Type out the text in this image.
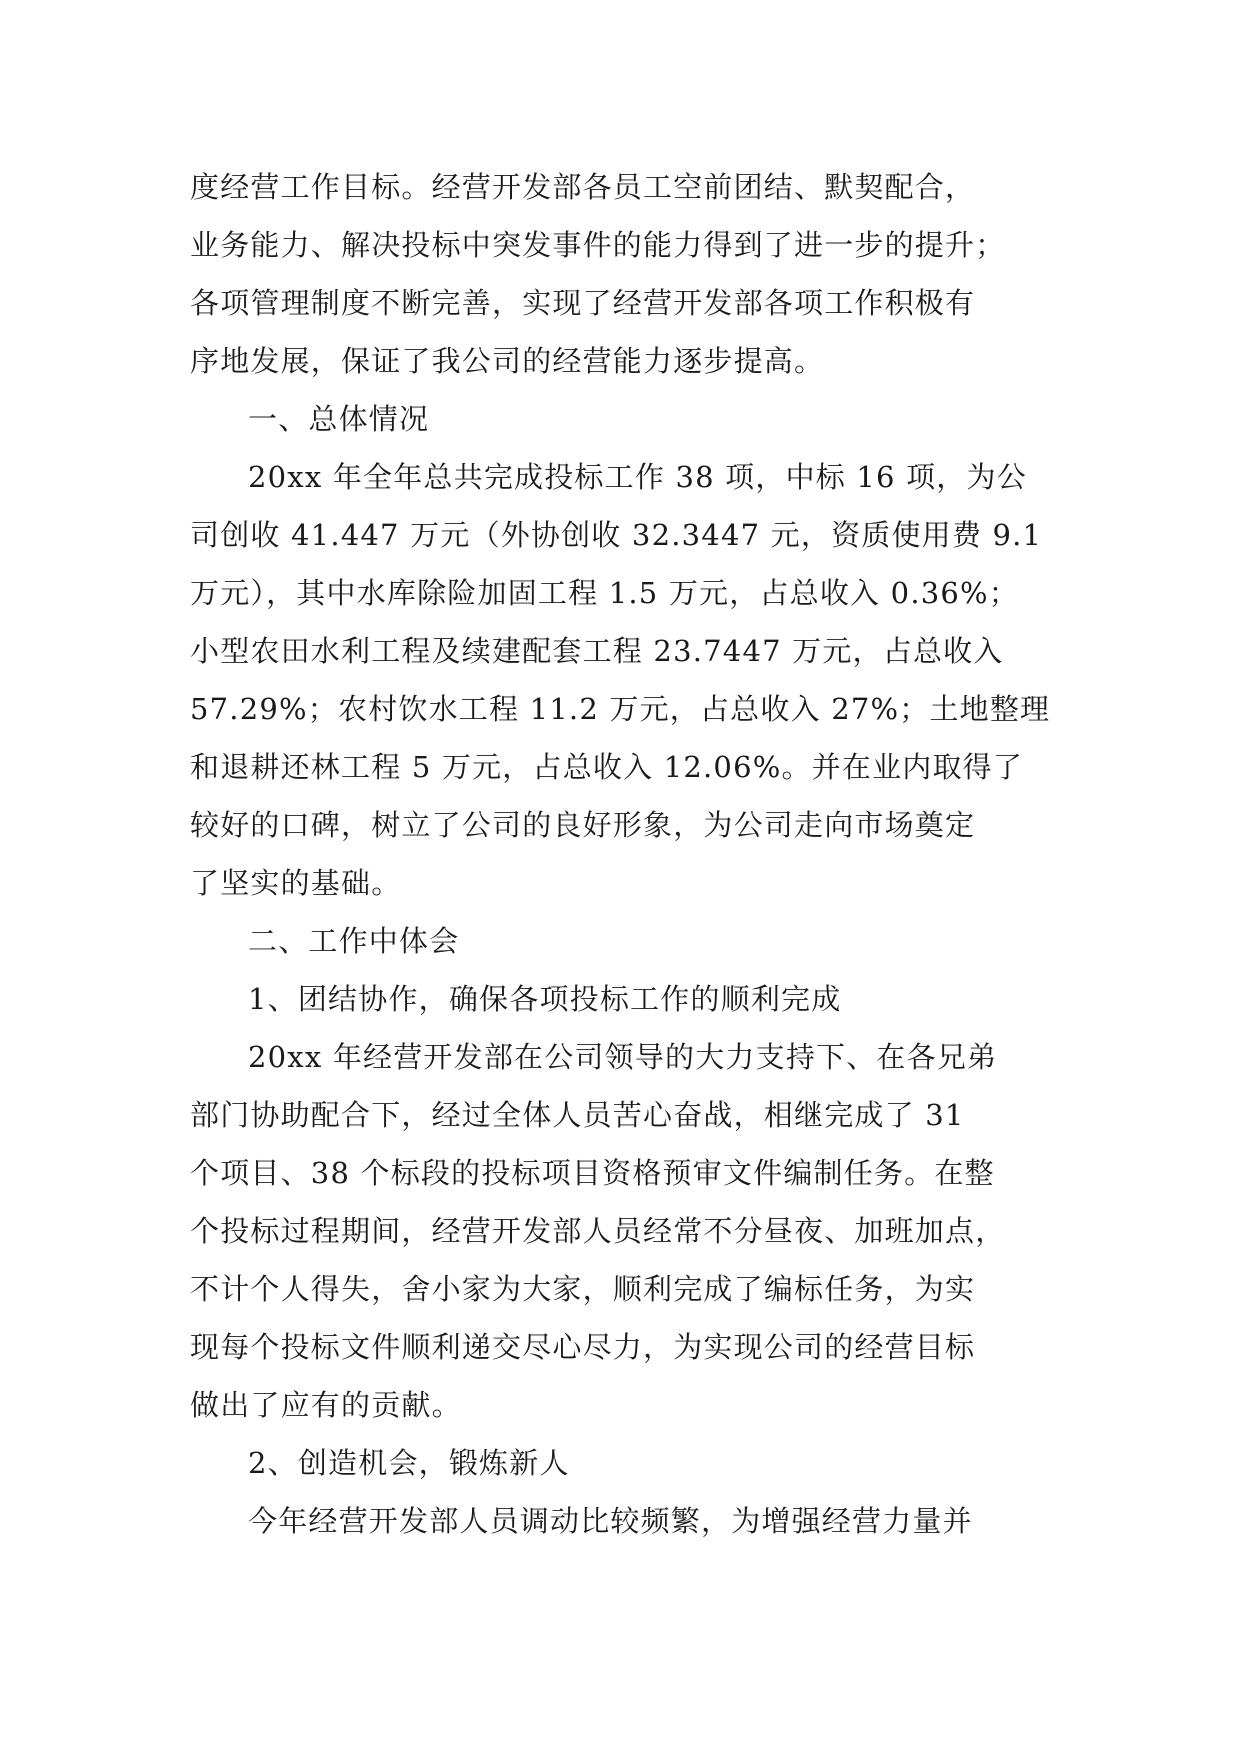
度经营工作目标。经营开发部各员工空前团结、默契配合，
业务能力、解决投标中突发事件的能力得到了进一步的提升；
各项管理制度不断完善，实现了经营开发部各项工作积极有
序地发展，保证了我公司的经营能力逐步提高。
一、总体情况
20xx 年全年总共完成投标工作 38 项，中标 16 项，为公
司创收 41.447 万元（外协创收 32.3447 元，资质使用费 9.1
万元），其中水库除险加固工程 1.5 万元，占总收入 0.36%；
小型农田水利工程及续建配套工程 23.7447 万元，占总收入
57.29%；农村饮水工程 11.2 万元，占总收入 27%；土地整理
和退耕还林工程 5 万元，占总收入 12.06%。并在业内取得了
较好的口碑，树立了公司的良好形象，为公司走向市场奠定
了坚实的基础。
二、工作中体会
1、团结协作，确保各项投标工作的顺利完成
20xx 年经营开发部在公司领导的大力支持下、在各兄弟
部门协助配合下，经过全体人员苦心奋战，相继完成了 31
个项目、38 个标段的投标项目资格预审文件编制任务。在整
个投标过程期间，经营开发部人员经常不分昼夜、加班加点，
不计个人得失，舍小家为大家，顺利完成了编标任务，为实
现每个投标文件顺利递交尽心尽力，为实现公司的经营目标
做出了应有的贡献。
2、创造机会，锻炼新人
今年经营开发部人员调动比较频繁，为增强经营力量并
